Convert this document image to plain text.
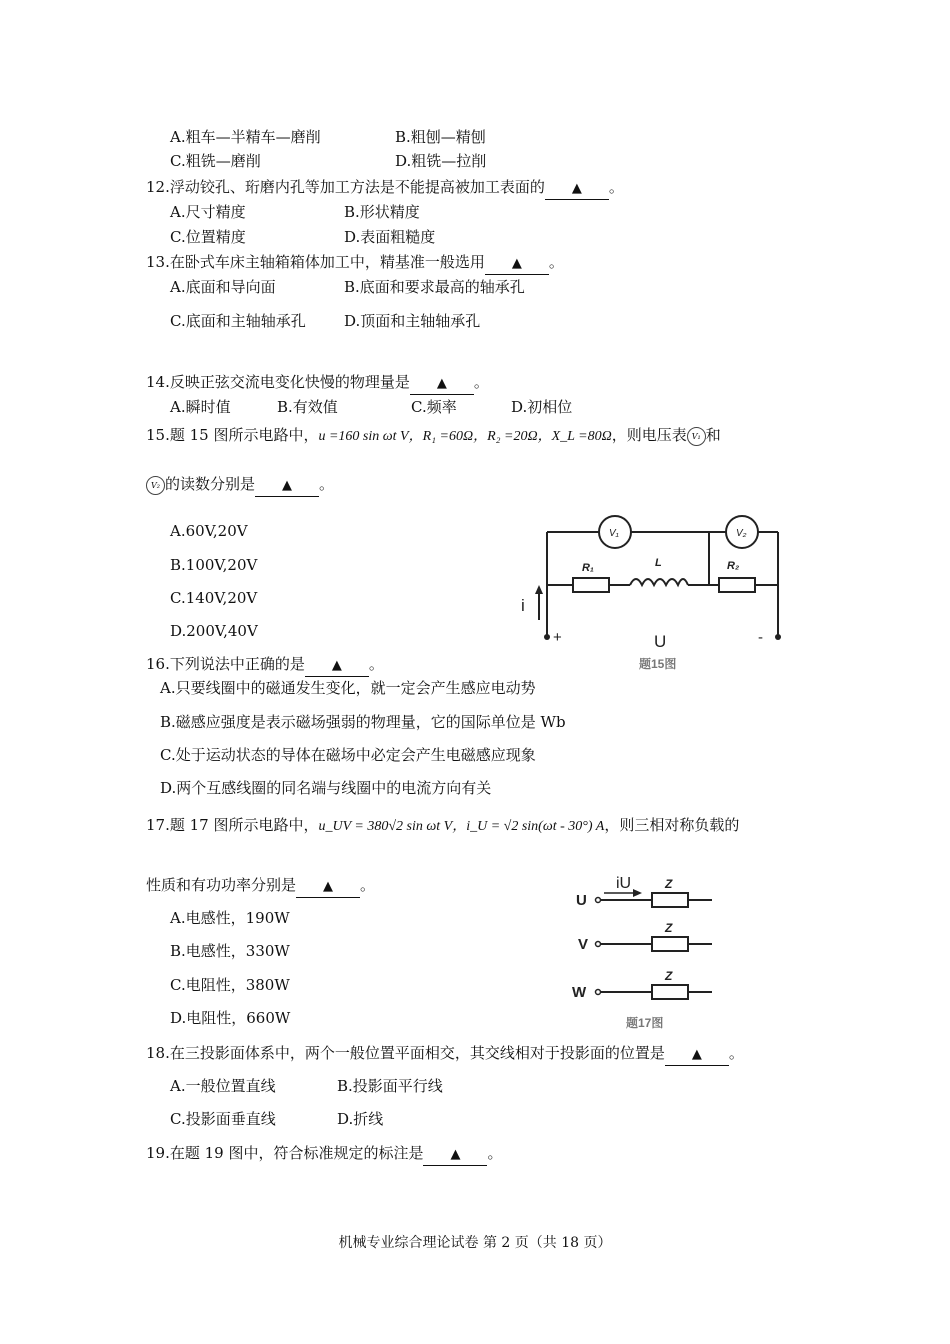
A.粗车—半精车—磨削	B.粗刨—精刨
C.粗铣—磨削	D.粗铣—拉削
12.浮动铰孔、珩磨内孔等加工方法是不能提高被加工表面的 ▲ 。
A.尺寸精度	B.形状精度
C.位置精度	D.表面粗糙度
13.在卧式车床主轴箱箱体加工中，精基准一般选用 ▲ 。
A.底面和导向面	B.底面和要求最高的轴承孔
C.底面和主轴轴承孔	D.顶面和主轴轴承孔
14.反映正弦交流电变化快慢的物理量是 ▲ 。
A.瞬时值	B.有效值	C.频率	D.初相位
15.题 15 图所示电路中，u =160 sin ωt V，R₁ =60Ω，R₂ =20Ω，X_L =80Ω，则电压表 V₁ 和
V₂ 的读数分别是 ▲ 。
A.60V,20V
B.100V,20V
C.140V,20V
D.200V,40V
V₁	V₂
R₁	L	R₂
i
+	U	-
题15图
16.下列说法中正确的是 ▲ 。
A.只要线圈中的磁通发生变化，就一定会产生感应电动势
B.磁感应强度是表示磁场强弱的物理量，它的国际单位是 Wb
C.处于运动状态的导体在磁场中必定会产生电磁感应现象
D.两个互感线圈的同名端与线圈中的电流方向有关
17.题 17 图所示电路中，u_UV = 380√2 sin ωt V，i_U = √2 sin(ωt - 30°) A，则三相对称负载的
性质和有功功率分别是 ▲ 。
A.电感性，190W
B.电感性，330W
C.电阻性，380W
D.电阻性，660W
iU
U
V
W
Z
Z
Z
题17图
18.在三投影面体系中，两个一般位置平面相交，其交线相对于投影面的位置是 ▲ 。
A.一般位置直线	B.投影面平行线
C.投影面垂直线	D.折线
19.在题 19 图中，符合标准规定的标注是 ▲ 。
机械专业综合理论试卷 第 2 页（共 18 页）
